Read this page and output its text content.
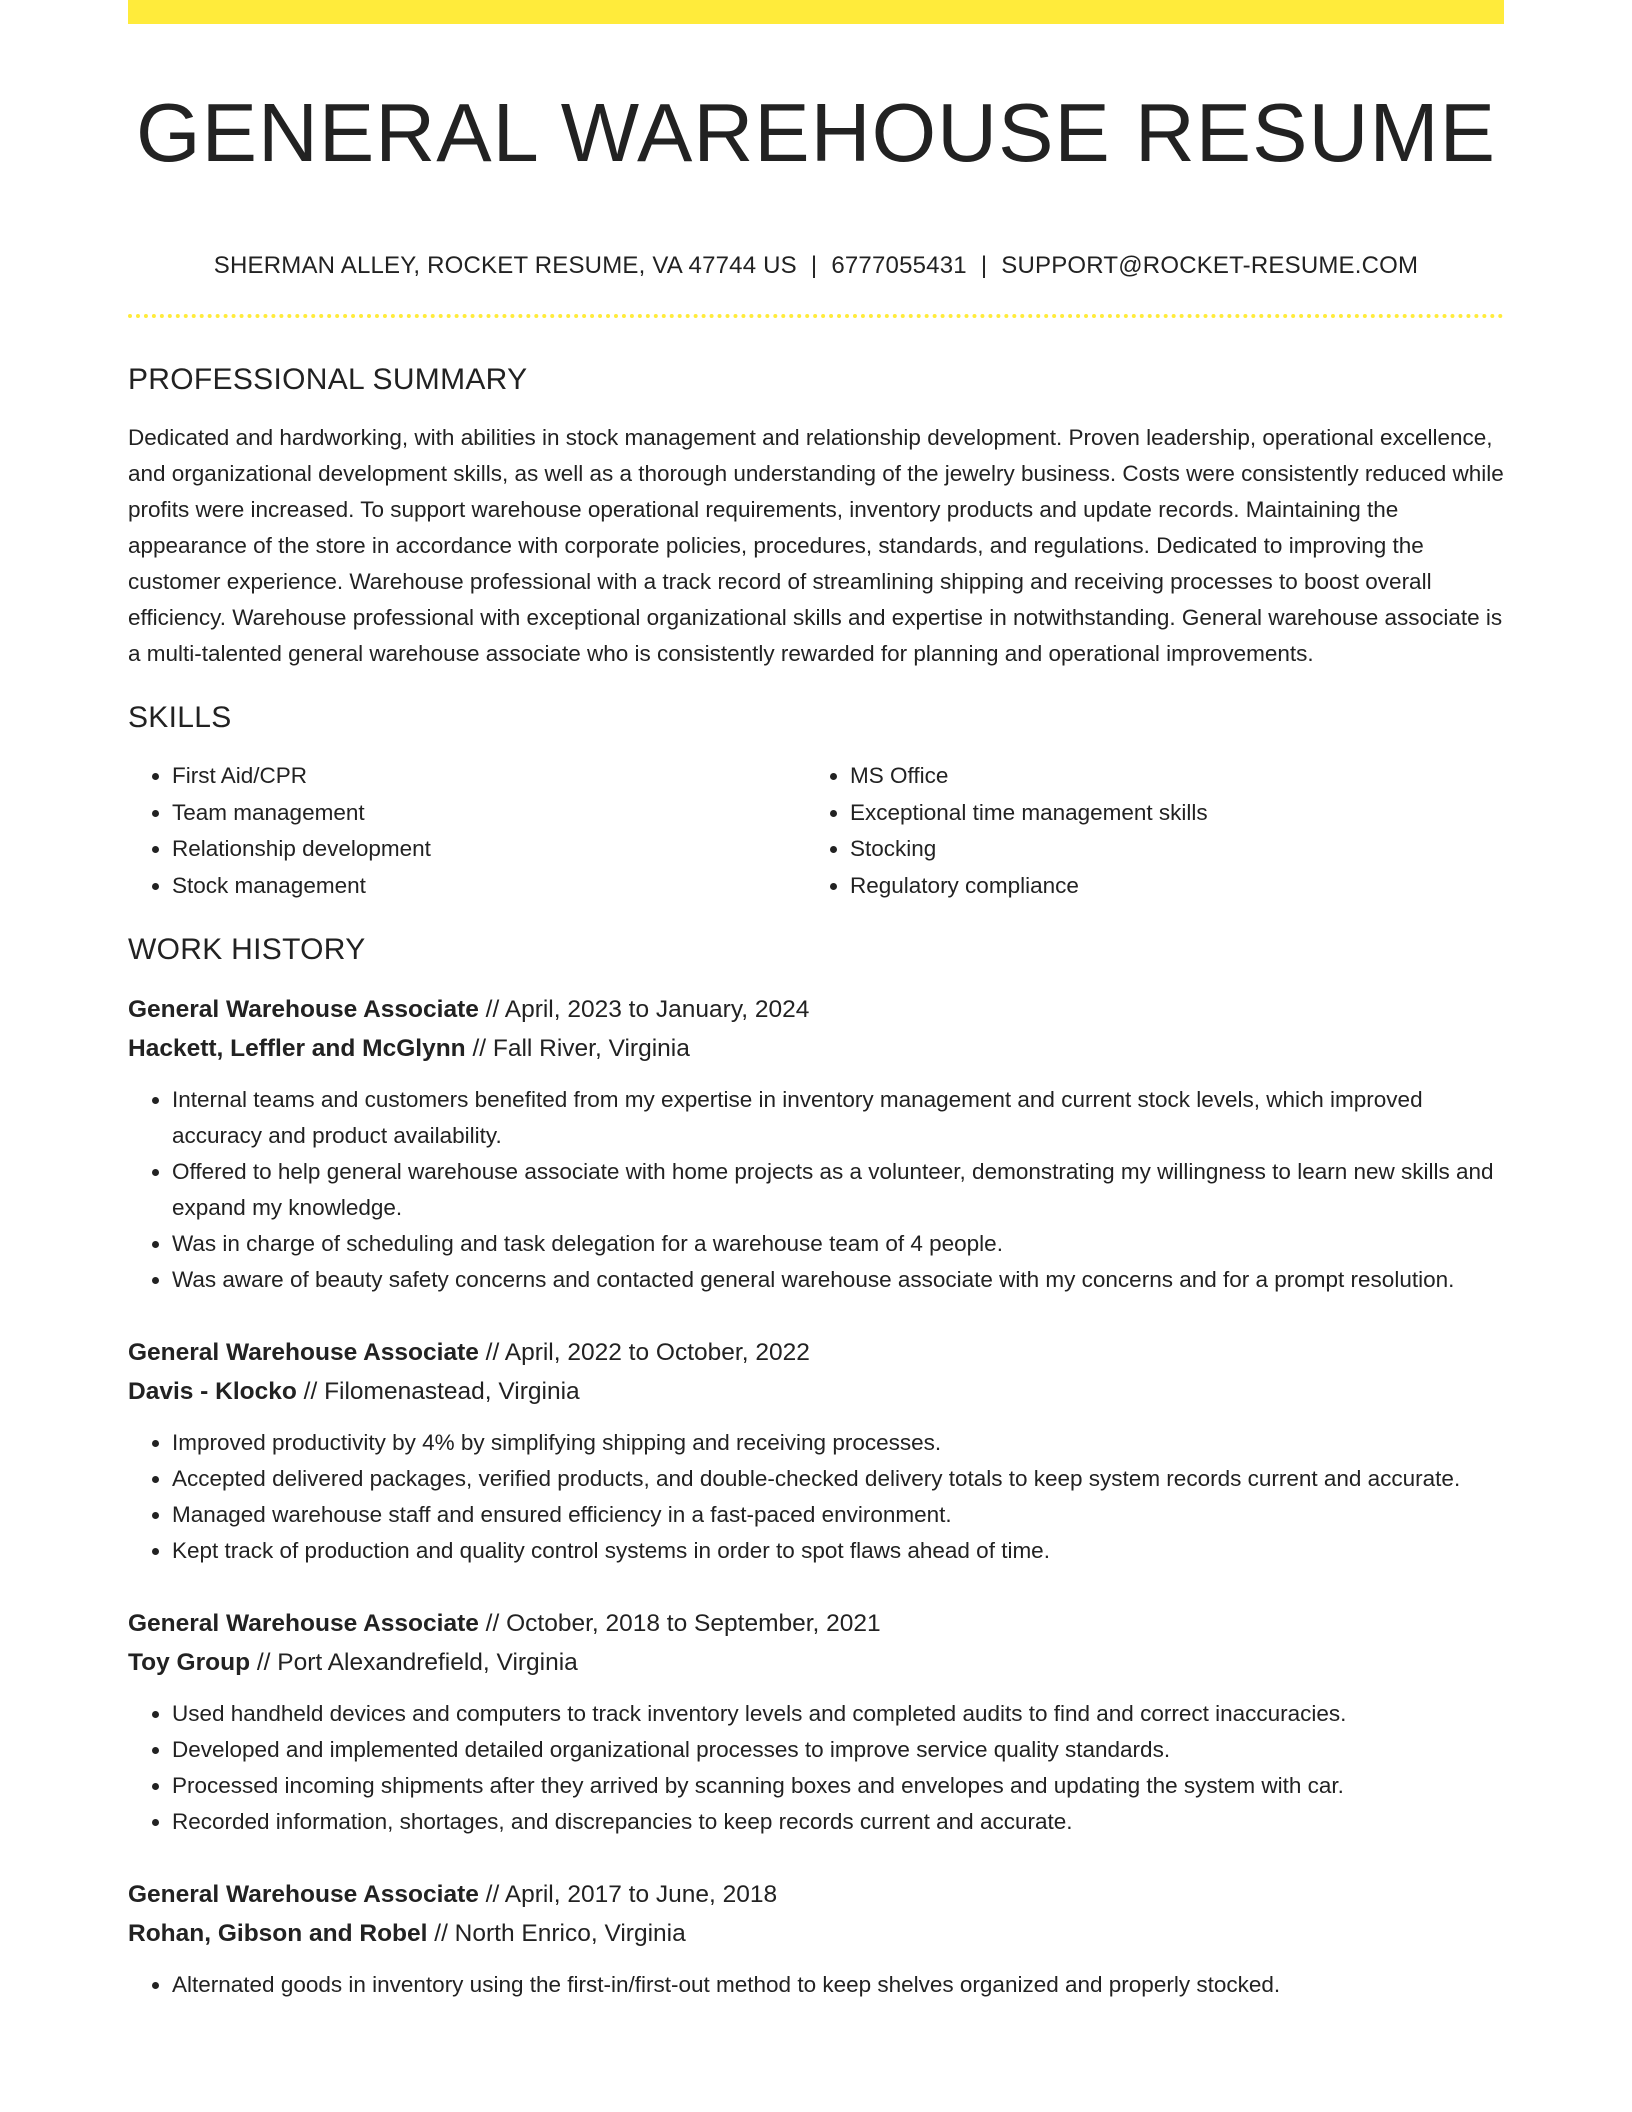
GENERAL WAREHOUSE RESUME
SHERMAN ALLEY, ROCKET RESUME, VA 47744 US | 6777055431 | SUPPORT@ROCKET-RESUME.COM
PROFESSIONAL SUMMARY
Dedicated and hardworking, with abilities in stock management and relationship development. Proven leadership, operational excellence, and organizational development skills, as well as a thorough understanding of the jewelry business. Costs were consistently reduced while profits were increased. To support warehouse operational requirements, inventory products and update records. Maintaining the appearance of the store in accordance with corporate policies, procedures, standards, and regulations. Dedicated to improving the customer experience. Warehouse professional with a track record of streamlining shipping and receiving processes to boost overall efficiency. Warehouse professional with exceptional organizational skills and expertise in notwithstanding. General warehouse associate is a multi-talented general warehouse associate who is consistently rewarded for planning and operational improvements.
SKILLS
• First Aid/CPR
• Team management
• Relationship development
• Stock management
• MS Office
• Exceptional time management skills
• Stocking
• Regulatory compliance
WORK HISTORY
General Warehouse Associate // April, 2023 to January, 2024
Hackett, Leffler and McGlynn // Fall River, Virginia
• Internal teams and customers benefited from my expertise in inventory management and current stock levels, which improved accuracy and product availability.
• Offered to help general warehouse associate with home projects as a volunteer, demonstrating my willingness to learn new skills and expand my knowledge.
• Was in charge of scheduling and task delegation for a warehouse team of 4 people.
• Was aware of beauty safety concerns and contacted general warehouse associate with my concerns and for a prompt resolution.
General Warehouse Associate // April, 2022 to October, 2022
Davis - Klocko // Filomenastead, Virginia
• Improved productivity by 4% by simplifying shipping and receiving processes.
• Accepted delivered packages, verified products, and double-checked delivery totals to keep system records current and accurate.
• Managed warehouse staff and ensured efficiency in a fast-paced environment.
• Kept track of production and quality control systems in order to spot flaws ahead of time.
General Warehouse Associate // October, 2018 to September, 2021
Toy Group // Port Alexandrefield, Virginia
• Used handheld devices and computers to track inventory levels and completed audits to find and correct inaccuracies.
• Developed and implemented detailed organizational processes to improve service quality standards.
• Processed incoming shipments after they arrived by scanning boxes and envelopes and updating the system with car.
• Recorded information, shortages, and discrepancies to keep records current and accurate.
General Warehouse Associate // April, 2017 to June, 2018
Rohan, Gibson and Robel // North Enrico, Virginia
• Alternated goods in inventory using the first-in/first-out method to keep shelves organized and properly stocked.
